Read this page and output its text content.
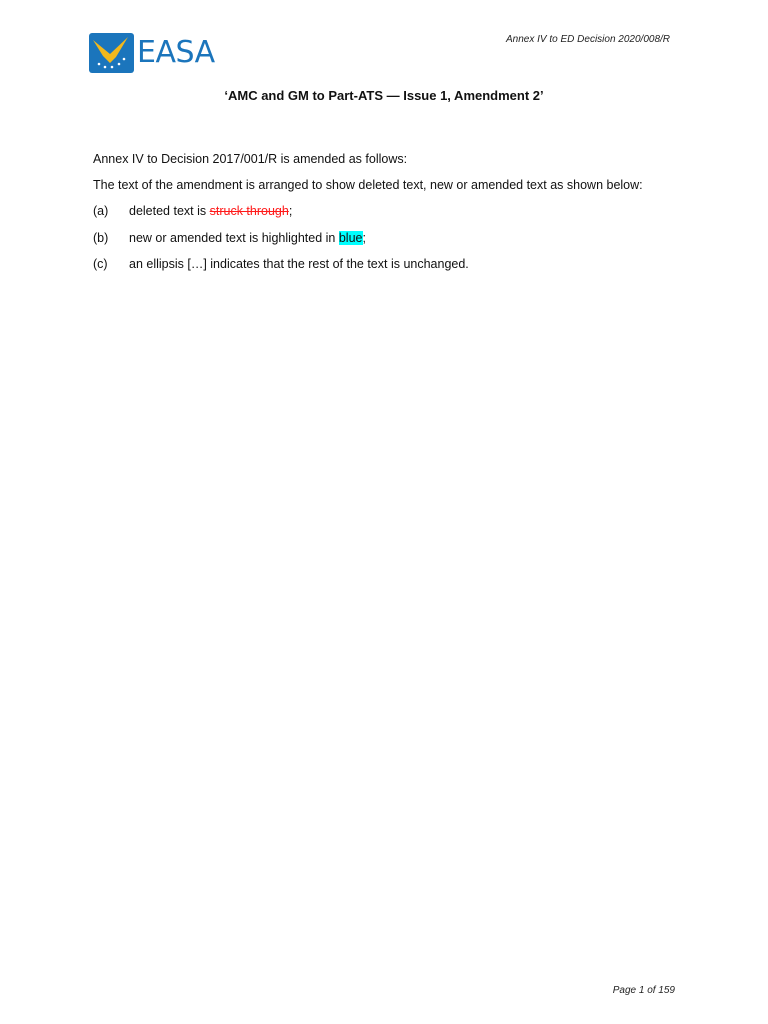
EASA	Annex IV to ED Decision 2020/008/R
‘AMC and GM to Part-ATS — Issue 1, Amendment 2’

Annex IV to Decision 2017/001/R is amended as follows:

The text of the amendment is arranged to show deleted text, new or amended text as shown below:

(a)	deleted text is struck through;
(b)	new or amended text is highlighted in blue;
(c)	an ellipsis […] indicates that the rest of the text is unchanged.
Page 1 of 159
